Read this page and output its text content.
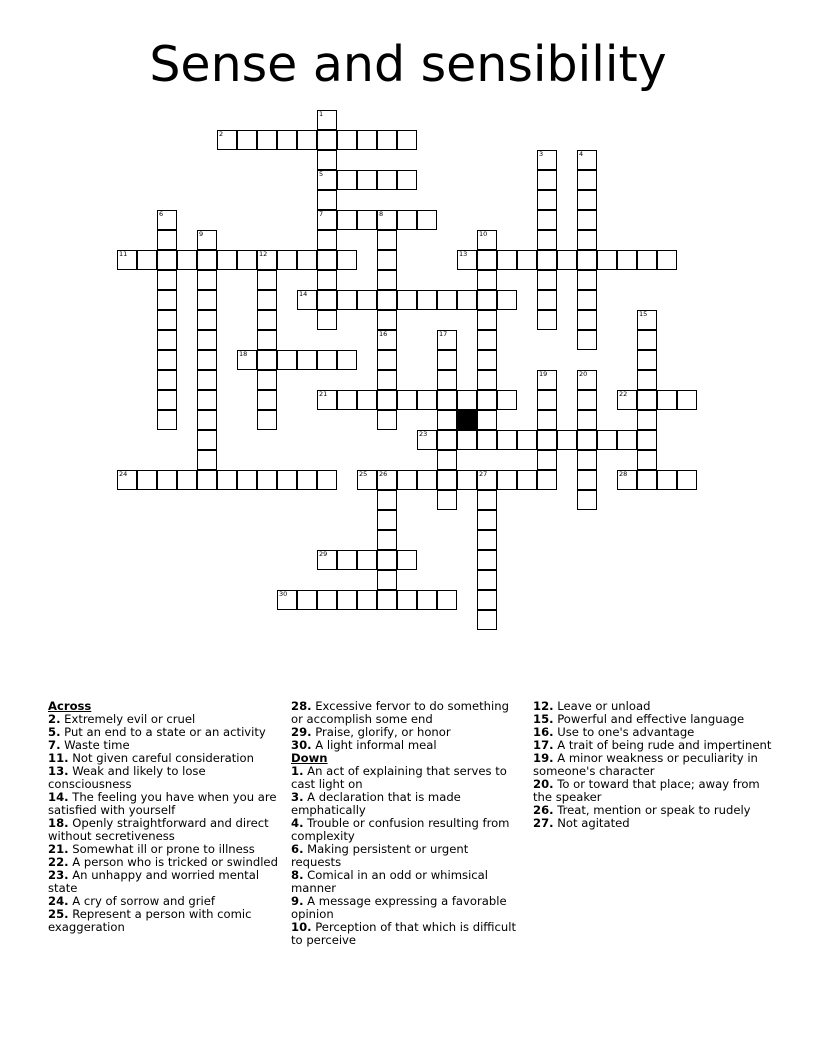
Sense and sensibility
1
5
7
2
3	4
6	8
16
9	10
11	12	13
14
15
17
18
19	20
21	22
23
24	25 26	27	28
29
30
Across
2. Extremely evil or cruel
5. Put an end to a state or an activity
7. Waste time
11. Not given careful consideration
13. Weak and likely to lose consciousness
14. The feeling you have when you are satisfied with yourself
18. Openly straightforward and direct without secretiveness
21. Somewhat ill or prone to illness
22. A person who is tricked or swindled
23. An unhappy and worried mental state
24. A cry of sorrow and grief
25. Represent a person with comic exaggeration
28. Excessive fervor to do something or accomplish some end
29. Praise, glorify, or honor
30. A light informal meal
Down
1. An act of explaining that serves to cast light on
3. A declaration that is made emphatically
4. Trouble or confusion resulting from complexity
6. Making persistent or urgent requests
8. Comical in an odd or whimsical manner
9. A message expressing a favorable opinion
10. Perception of that which is difficult to perceive
12. Leave or unload
15. Powerful and effective language
16. Use to one's advantage
17. A trait of being rude and impertinent
19. A minor weakness or peculiarity in someone's character
20. To or toward that place; away from the speaker
26. Treat, mention or speak to rudely
27. Not agitated
